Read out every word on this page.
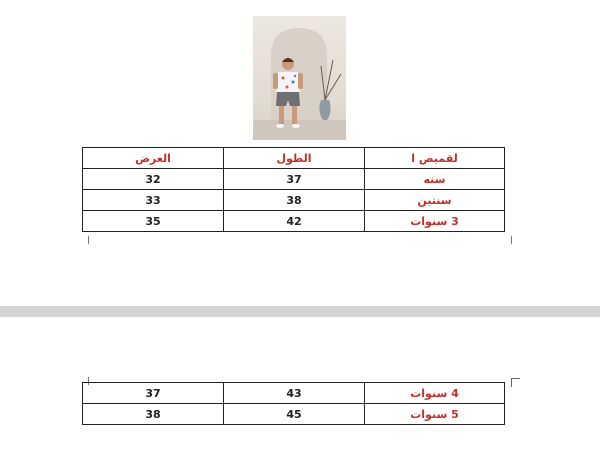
لقميص ا	الطول	العرض
سنه	37	32
سنتين	38	33
3 سنوات	42	35
4 سنوات	43	37
5 سنوات	45	38
